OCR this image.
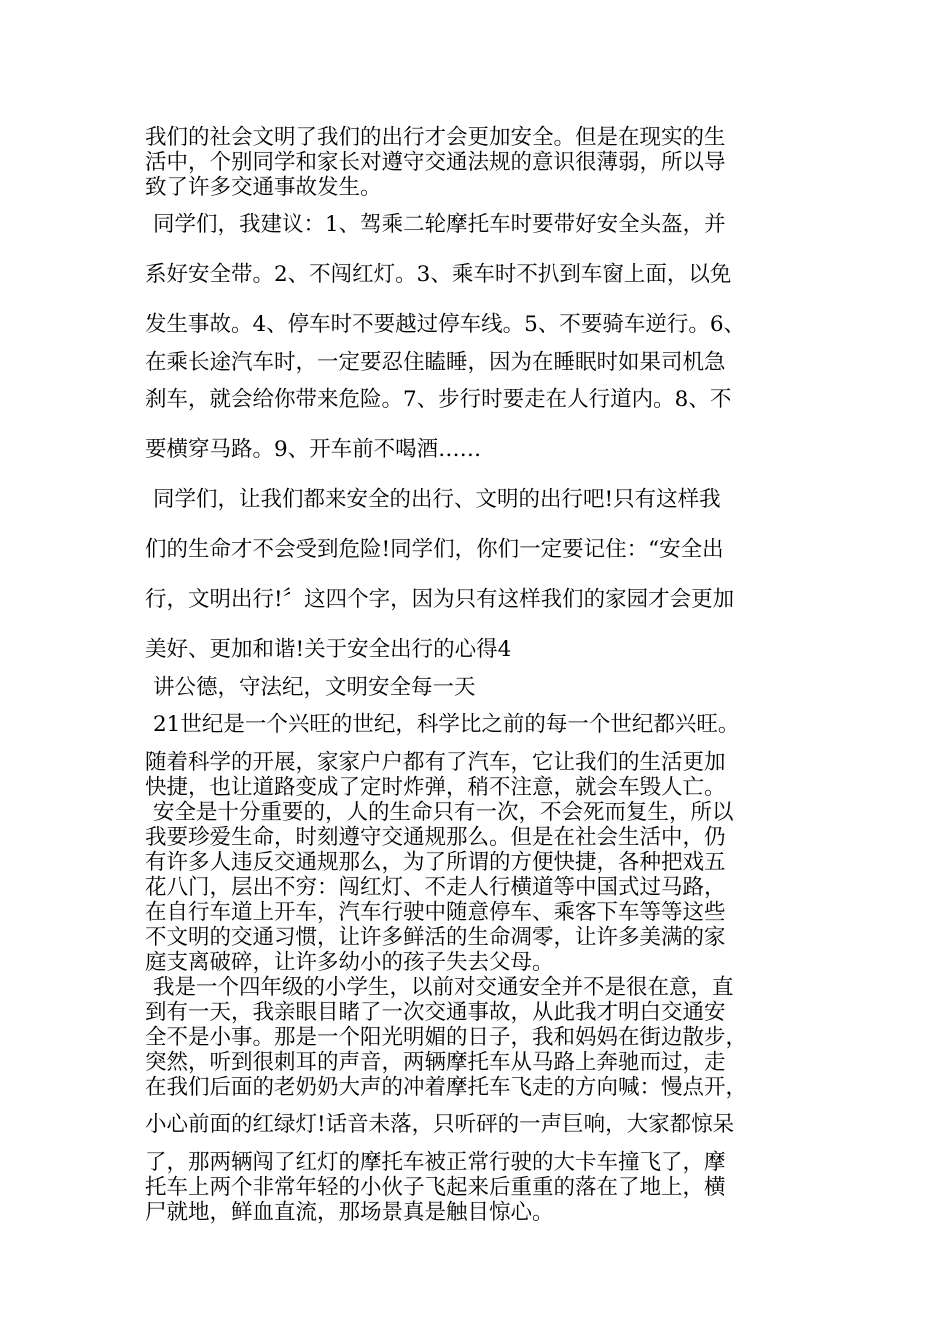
我们的社会文明了我们的出行才会更加安全。但是在现实的生
活中，个别同学和家长对遵守交通法规的意识很薄弱，所以导
致了许多交通事故发生。
同学们，我建议：1、驾乘二轮摩托车时要带好安全头盔，并
系好安全带。2、不闯红灯。3、乘车时不扒到车窗上面，以免
发生事故。4、停车时不要越过停车线。5、不要骑车逆行。6、
在乘长途汽车时，一定要忍住瞌睡，因为在睡眠时如果司机急
刹车，就会给你带来危险。7、步行时要走在人行道内。8、不
要横穿马路。9、开车前不喝酒……
同学们，让我们都来安全的出行、文明的出行吧!只有这样我
们的生命才不会受到危险!同学们，你们一定要记住：“安全出
行，文明出行!〞这四个字，因为只有这样我们的家园才会更加
美好、更加和谐!关于安全出行的心得4
讲公德，守法纪，文明安全每一天
21世纪是一个兴旺的世纪，科学比之前的每一个世纪都兴旺。
随着科学的开展，家家户户都有了汽车，它让我们的生活更加
快捷，也让道路变成了定时炸弹，稍不注意，就会车毁人亡。
安全是十分重要的，人的生命只有一次，不会死而复生，所以
我要珍爱生命，时刻遵守交通规那么。但是在社会生活中，仍
有许多人违反交通规那么，为了所谓的方便快捷，各种把戏五
花八门，层出不穷：闯红灯、不走人行横道等中国式过马路，
在自行车道上开车，汽车行驶中随意停车、乘客下车等等这些
不文明的交通习惯，让许多鲜活的生命凋零，让许多美满的家
庭支离破碎，让许多幼小的孩子失去父母。
我是一个四年级的小学生，以前对交通安全并不是很在意，直
到有一天，我亲眼目睹了一次交通事故，从此我才明白交通安
全不是小事。那是一个阳光明媚的日子，我和妈妈在街边散步，
突然，听到很刺耳的声音，两辆摩托车从马路上奔驰而过，走
在我们后面的老奶奶大声的冲着摩托车飞走的方向喊：慢点开，
小心前面的红绿灯!话音未落，只听砰的一声巨响，大家都惊呆
了，那两辆闯了红灯的摩托车被正常行驶的大卡车撞飞了，摩
托车上两个非常年轻的小伙子飞起来后重重的落在了地上，横
尸就地，鲜血直流，那场景真是触目惊心。
